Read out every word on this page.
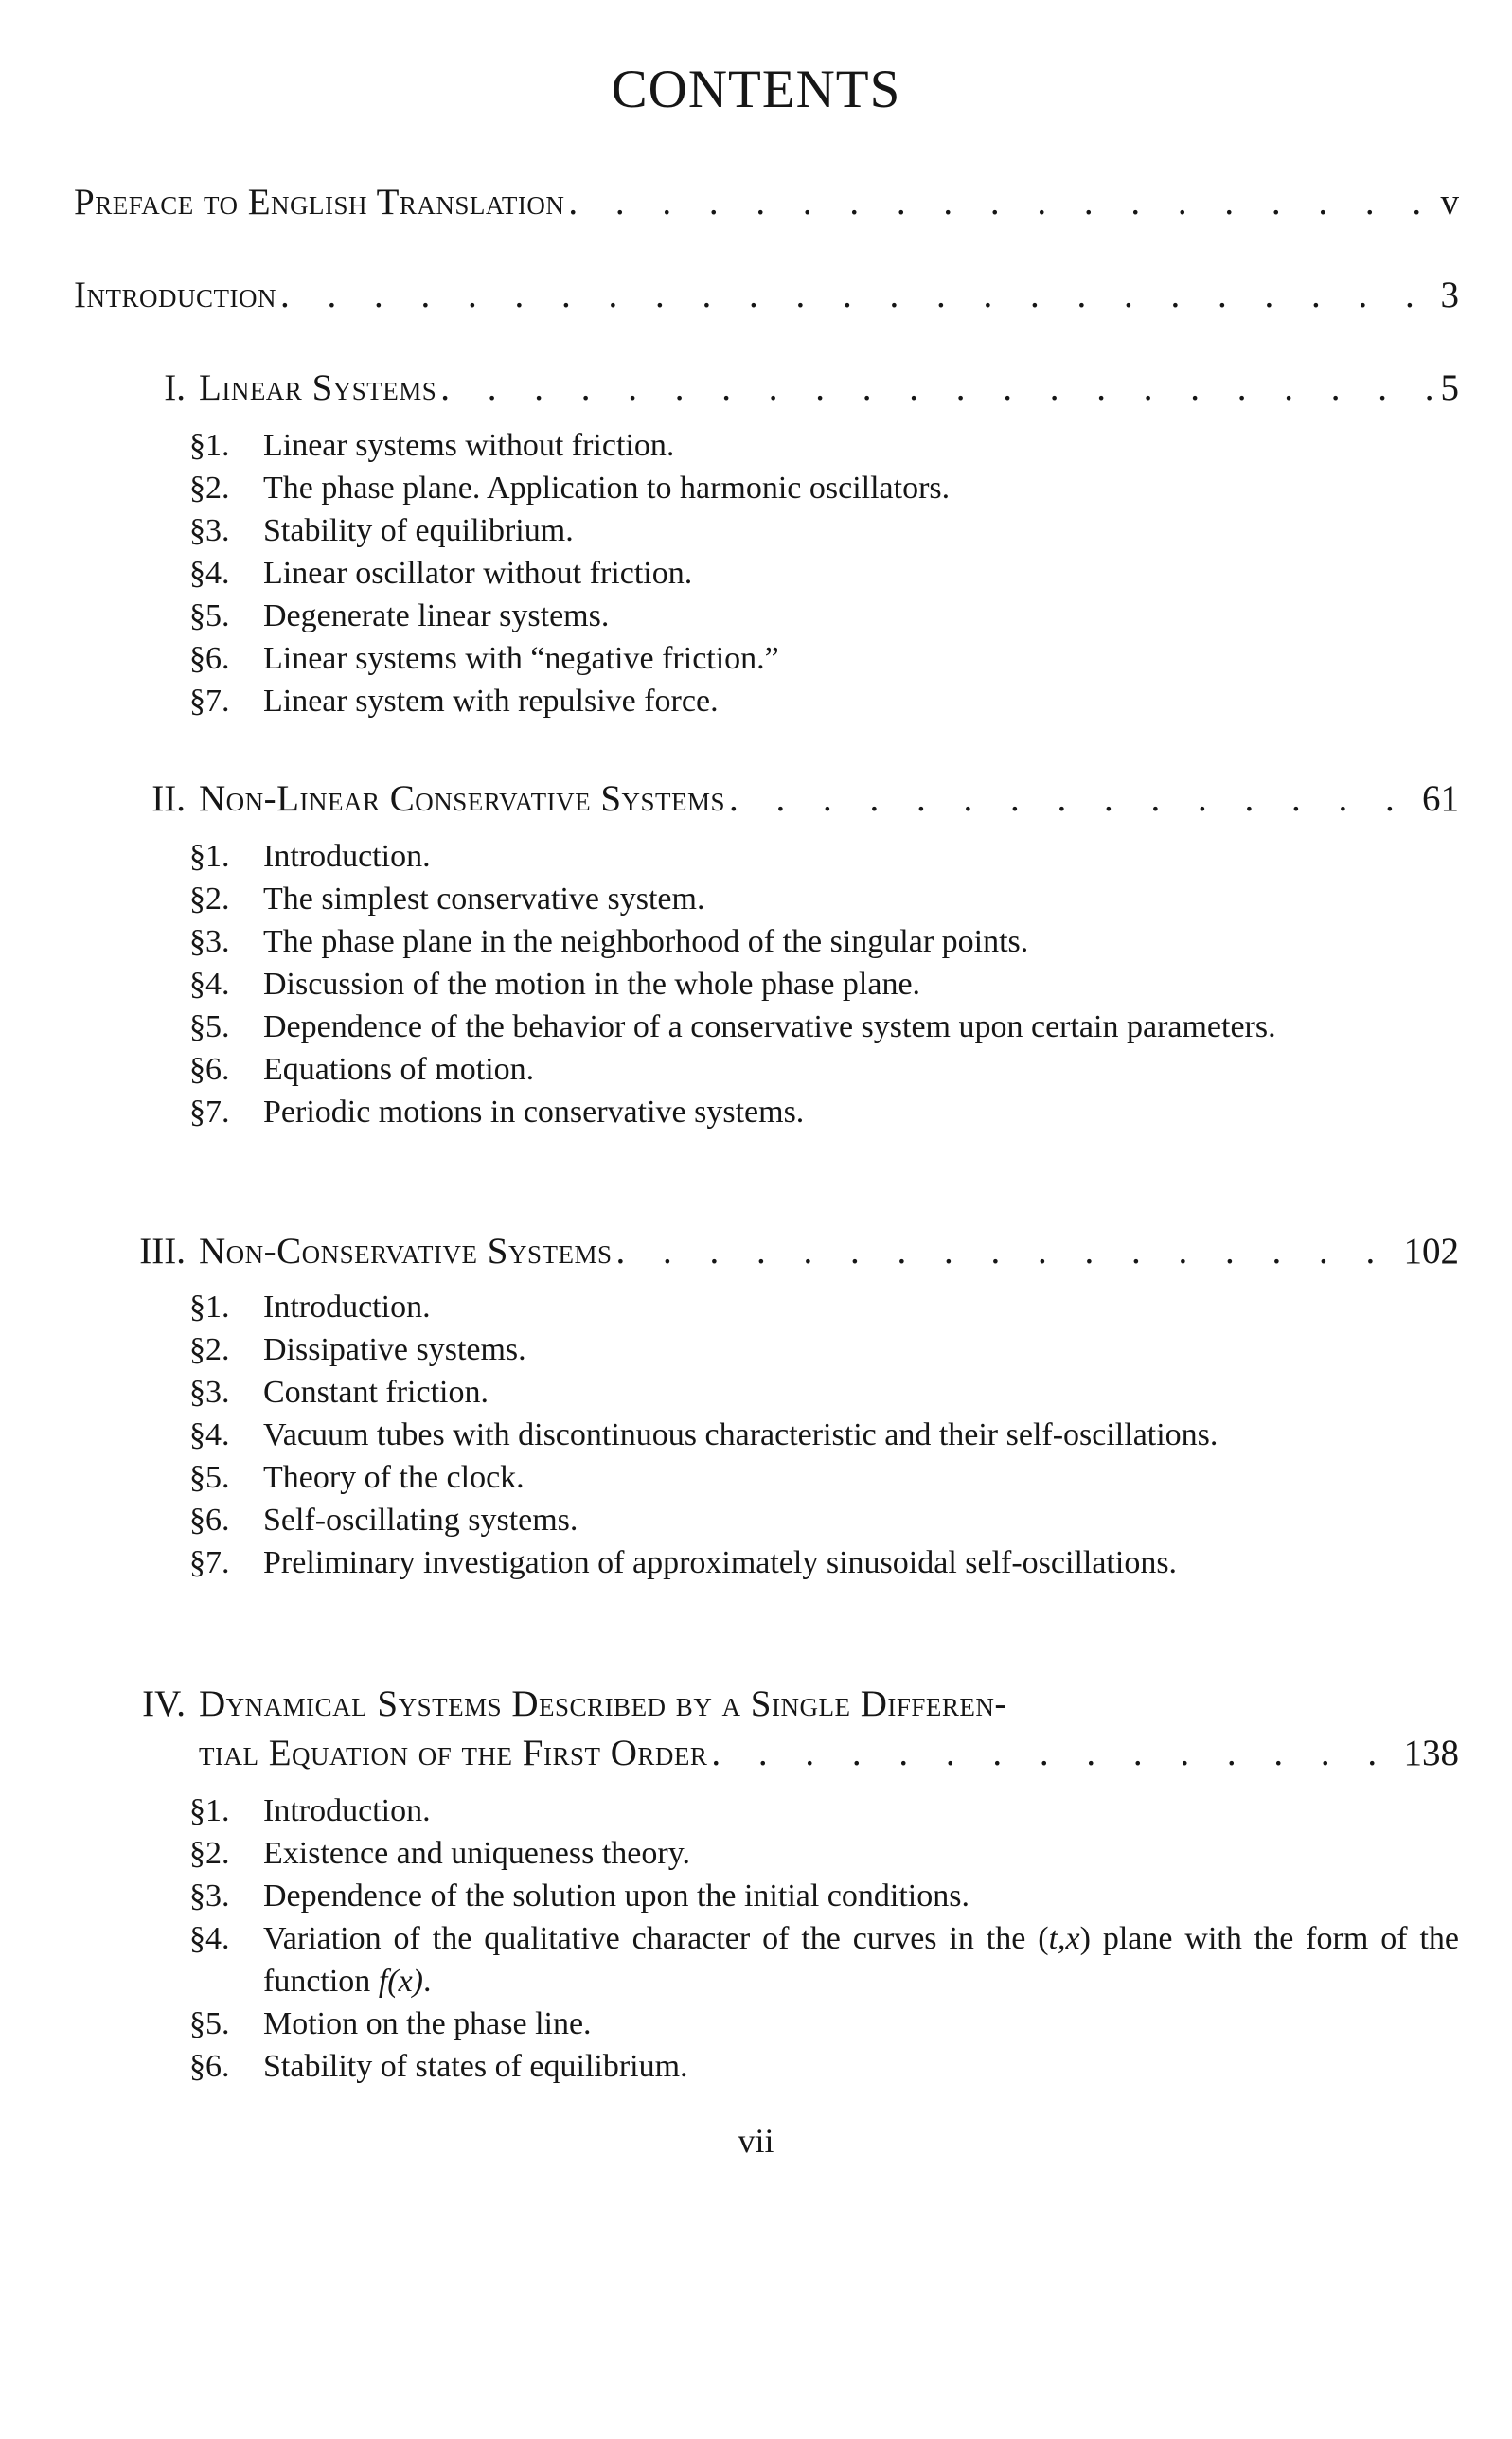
CONTENTS
Preface to English Translation . . .	v
Introduction . . .	3
I. Linear Systems . . .	5
§1.	Linear systems without friction.
§2.	The phase plane. Application to harmonic oscillators.
§3.	Stability of equilibrium.
§4.	Linear oscillator without friction.
§5.	Degenerate linear systems.
§6.	Linear systems with “negative friction.”
§7.	Linear system with repulsive force.
II. Non-Linear Conservative Systems . . .	61
§1.	Introduction.
§2.	The simplest conservative system.
§3.	The phase plane in the neighborhood of the singular points.
§4.	Discussion of the motion in the whole phase plane.
§5.	Dependence of the behavior of a conservative system upon certain parameters.
§6.	Equations of motion.
§7.	Periodic motions in conservative systems.
III. Non-Conservative Systems . . .	102
§1.	Introduction.
§2.	Dissipative systems.
§3.	Constant friction.
§4.	Vacuum tubes with discontinuous characteristic and their self-oscillations.
§5.	Theory of the clock.
§6.	Self-oscillating systems.
§7.	Preliminary investigation of approximately sinusoidal self-oscillations.
IV. Dynamical Systems Described by a Single Differen-
tial Equation of the First Order . . .	138
§1.	Introduction.
§2.	Existence and uniqueness theory.
§3.	Dependence of the solution upon the initial conditions.
§4.	Variation of the qualitative character of the curves in the (t,x) plane with the form of the function f(x).
§5.	Motion on the phase line.
§6.	Stability of states of equilibrium.
vii
